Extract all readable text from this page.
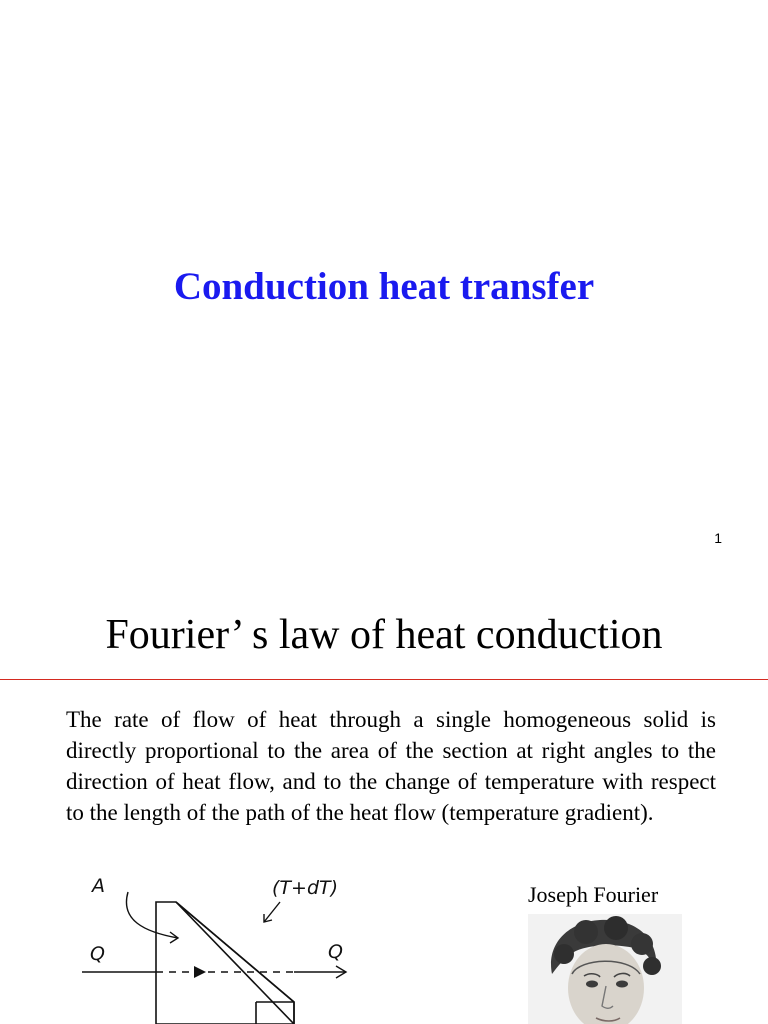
Conduction heat transfer
1
Fourier’ s law of heat conduction
The rate of flow of heat through a single homogeneous solid is directly proportional to the area of the section at right angles to the direction of heat flow, and to the change of temperature with respect to the length of the path of the heat flow (temperature gradient).
A	(T+dT)
Q	Q
Joseph Fourier
